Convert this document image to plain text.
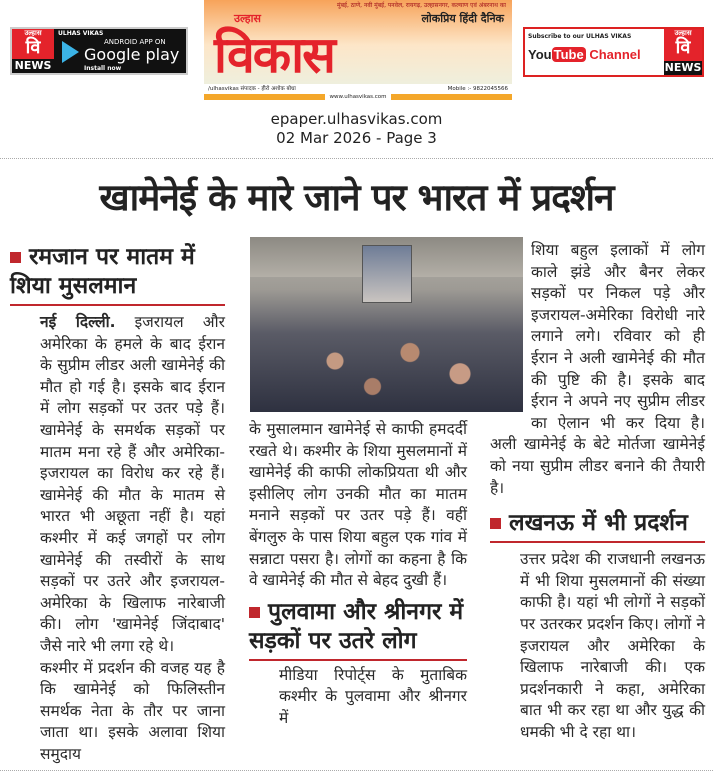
उल्हास
वि
NEWS
ULHAS VIKAS
ANDROID APP ON
Google play
Install now
मुंबई, ठाणे, नवी मुंबई, पनवेल, रायगढ़, उल्हासनगर, कल्याण एवं अंबरनाथ का
लोकप्रिय हिंदी दैनिक
उल्हास
विकास
/ulhasvikas संपादक - हीरो अशोक बोधा	Mobile :- 9822045566
www.ulhasvikas.com
Subscribe to our ULHAS VIKAS
You Tube Channel
उल्हास
वि
NEWS
epaper.ulhasvikas.com
02 Mar 2026 - Page 3
खामेनेई के मारे जाने पर भारत में प्रदर्शन
रमजान पर मातम में शिया मुसलमान

नई दिल्ली. इजरायल और अमेरिका के हमले के बाद ईरान के सुप्रीम लीडर अली खामेनेई की मौत हो गई है। इसके बाद ईरान में लोग सड़कों पर उतर पड़े हैं। खामेनेई के समर्थक सड़कों पर मातम मना रहे हैं और अमेरिका-इजरायल का विरोध कर रहे हैं। खामेनेई की मौत के मातम से भारत भी अछूता नहीं है। यहां कश्मीर में कई जगहों पर लोग खामेनेई की तस्वीरों के साथ सड़कों पर उतरे और इजरायल-अमेरिका के खिलाफ नारेबाजी की। लोग 'खामेनेई जिंदाबाद' जैसे नारे भी लगा रहे थे।

कश्मीर में प्रदर्शन की वजह यह है कि खामेनेई को फिलिस्तीन समर्थक नेता के तौर पर जाना जाता था। इसके अलावा शिया समुदाय

के मुसालमान खामेनेई से काफी हमदर्दी रखते थे। कश्मीर के शिया मुसलमानों में खामेनेई की काफी लोकप्रियता थी और इसीलिए लोग उनकी मौत का मातम मनाने सड़कों पर उतर पड़े हैं। वहीं बेंगलुरु के पास शिया बहुल एक गांव में सन्नाटा पसरा है। लोगों का कहना है कि वे खामेनेई की मौत से बेहद दुखी हैं।

पुलवामा और श्रीनगर में सड़कों पर उतरे लोग

मीडिया रिपोर्ट्स के मुताबिक कश्मीर के पुलवामा और श्रीनगर में

शिया बहुल इलाकों में लोग काले झंडे और बैनर लेकर सड़कों पर निकल पड़े और इजरायल-अमेरिका विरोधी नारे लगाने लगे। रविवार को ही ईरान ने अली खामेनेई की मौत की पुष्टि की है। इसके बाद ईरान ने अपने नए सुप्रीम लीडर का ऐलान भी कर दिया है। अली खामेनेई के बेटे मोर्तजा खामेनेई को नया सुप्रीम लीडर बनाने की तैयारी है।

लखनऊ में भी प्रदर्शन

उत्तर प्रदेश की राजधानी लखनऊ में भी शिया मुसलमानों की संख्या काफी है। यहां भी लोगों ने सड़कों पर उतरकर प्रदर्शन किए। लोगों ने इजरायल और अमेरिका के खिलाफ नारेबाजी की। एक प्रदर्शनकारी ने कहा, अमेरिका बात भी कर रहा था और युद्ध की धमकी भी दे रहा था।
